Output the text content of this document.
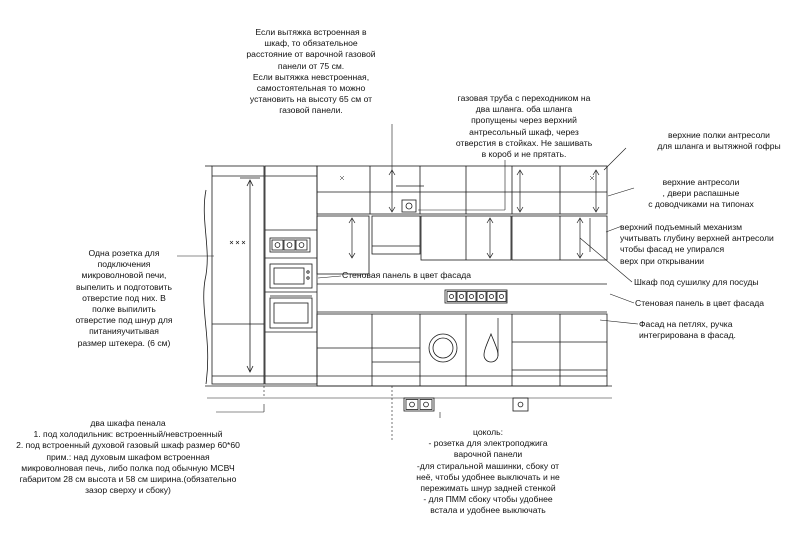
Если вытяжка встроенная в
шкаф, то обязательное
расстояние от варочной газовой
панели от 75 см.
Если вытяжка невстроенная,
самостоятельная то можно
установить на высоту 65 см от
газовой панели.
газовая труба с переходником на
два шланга. оба шланга
пропущены через верхний
антресольный шкаф, через
отверстия в стойках. Не зашивать
в короб и не прятать.
верхние полки антресоли
для шланга и вытяжной гофры
верхние антресоли
, двери распашные
с доводчиками на типонах
верхний подъемный механизм
учитывать глубину верхней антресоли
чтобы фасад не упирался
верх при открывании
Шкаф под сушилку для посуды
Стеновая панель в цвет фасада
Фасад на петлях, ручка
интегрирована в фасад.
Стеновая панель в цвет фасада
Одна розетка для
подключения
микроволновой печи,
выпелить и подготовить
отверстие под них. В
полке выпилить
отверстие под шнур для
питанияучитывая
размер штекера. (6 см)
два шкафа пенала
1. под холодильник: встроенный/невстроенный
2. под встроенный духовой газовый шкаф размер 60*60
прим.: над духовым шкафом встроенная
микроволновая печь, либо полка под обычную МСВЧ
габаритом 28 см высота и 58 см ширина.(обязательно
зазор сверху и сбоку)
цоколь:
- розетка для электроподжига
варочной панели
-для стиральной машинки, сбоку от
неё, чтобы удобнее выключать и не
пережимать шнур задней стенкой
- для ПММ сбоку чтобы удобнее
встала и удобнее выключать
